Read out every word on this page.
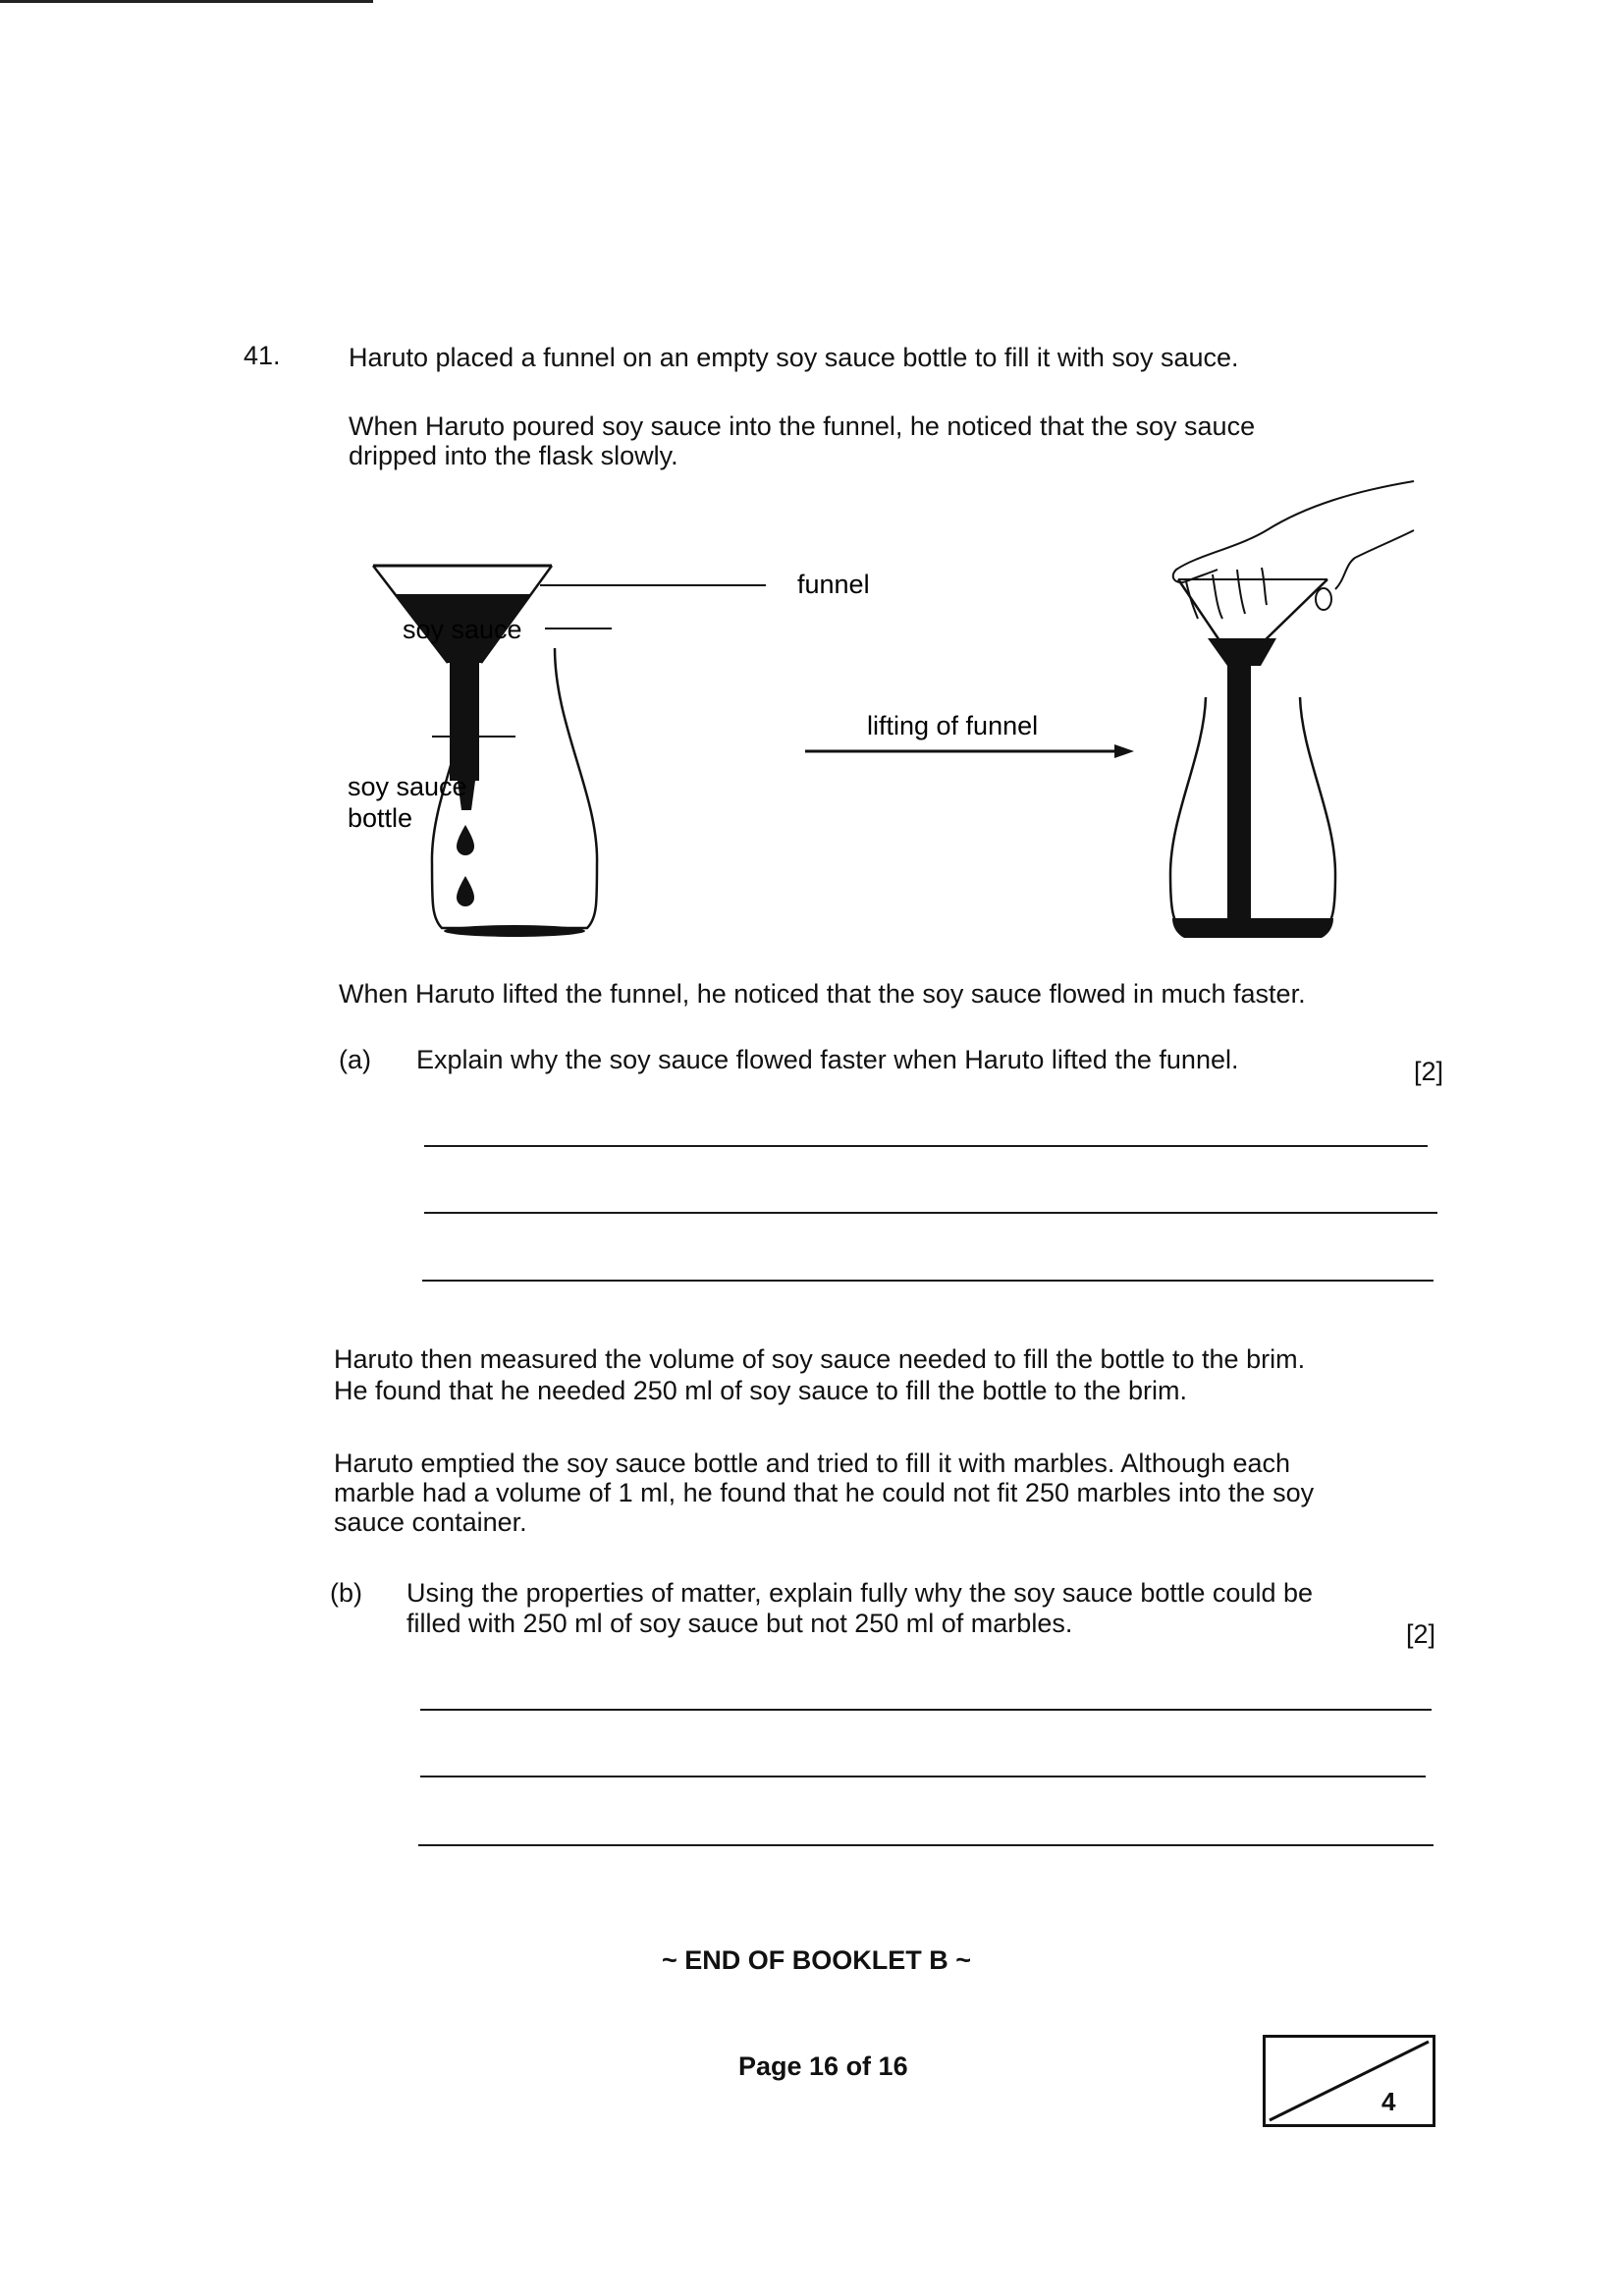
41.	Haruto placed a funnel on an empty soy sauce bottle to fill it with soy sauce.
When Haruto poured soy sauce into the funnel, he noticed that the soy sauce
dripped into the flask slowly.
funnel
soy sauce
soy sauce
bottle
lifting of funnel
When Haruto lifted the funnel, he noticed that the soy sauce flowed in much faster.
(a) Explain why the soy sauce flowed faster when Haruto lifted the funnel.	[2]
Haruto then measured the volume of soy sauce needed to fill the bottle to the brim.
He found that he needed 250 ml of soy sauce to fill the bottle to the brim.
Haruto emptied the soy sauce bottle and tried to fill it with marbles. Although each
marble had a volume of 1 ml, he found that he could not fit 250 marbles into the soy
sauce container.
(b) Using the properties of matter, explain fully why the soy sauce bottle could be
filled with 250 ml of soy sauce but not 250 ml of marbles.	[2]
~ END OF BOOKLET B ~
Page 16 of 16
4
